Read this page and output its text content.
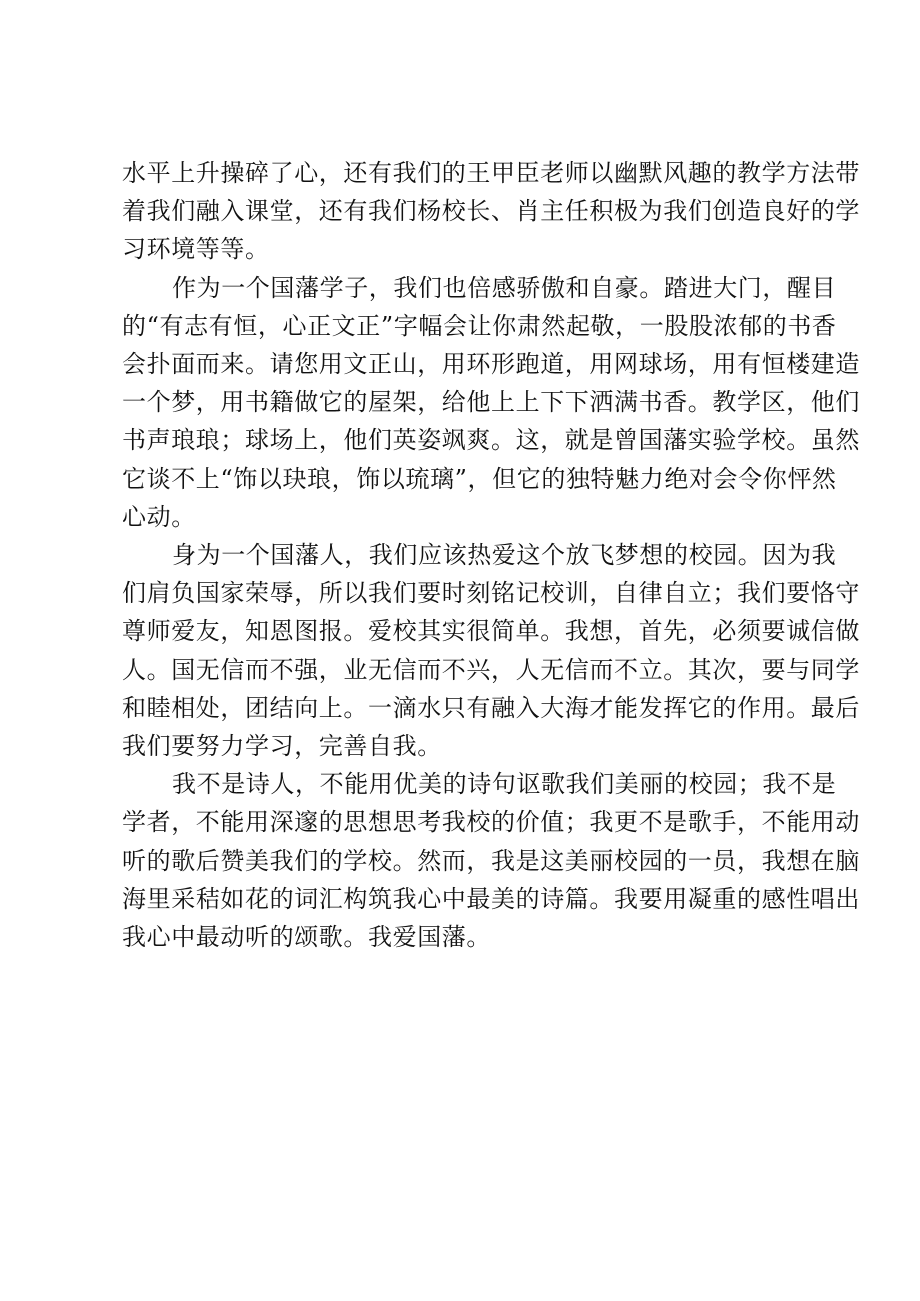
水平上升操碎了心，还有我们的王甲臣老师以幽默风趣的教学方法带
着我们融入课堂，还有我们杨校长、肖主任积极为我们创造良好的学
习环境等等。
作为一个国藩学子，我们也倍感骄傲和自豪。踏进大门，醒目
的“有志有恒，心正文正”字幅会让你肃然起敬，一股股浓郁的书香
会扑面而来。请您用文正山，用环形跑道，用网球场，用有恒楼建造
一个梦，用书籍做它的屋架，给他上上下下洒满书香。教学区，他们
书声琅琅；球场上，他们英姿飒爽。这，就是曾国藩实验学校。虽然
它谈不上“饰以玦琅，饰以琉璃”，但它的独特魅力绝对会令你怦然
心动。
身为一个国藩人，我们应该热爱这个放飞梦想的校园。因为我
们肩负国家荣辱，所以我们要时刻铭记校训，自律自立；我们要恪守
尊师爱友，知恩图报。爱校其实很简单。我想，首先，必须要诚信做
人。国无信而不强，业无信而不兴，人无信而不立。其次，要与同学
和睦相处，团结向上。一滴水只有融入大海才能发挥它的作用。最后
我们要努力学习，完善自我。
我不是诗人，不能用优美的诗句讴歌我们美丽的校园；我不是
学者，不能用深邃的思想思考我校的价值；我更不是歌手，不能用动
听的歌后赞美我们的学校。然而，我是这美丽校园的一员，我想在脑
海里采秸如花的词汇构筑我心中最美的诗篇。我要用凝重的感性唱出
我心中最动听的颂歌。我爱国藩。
